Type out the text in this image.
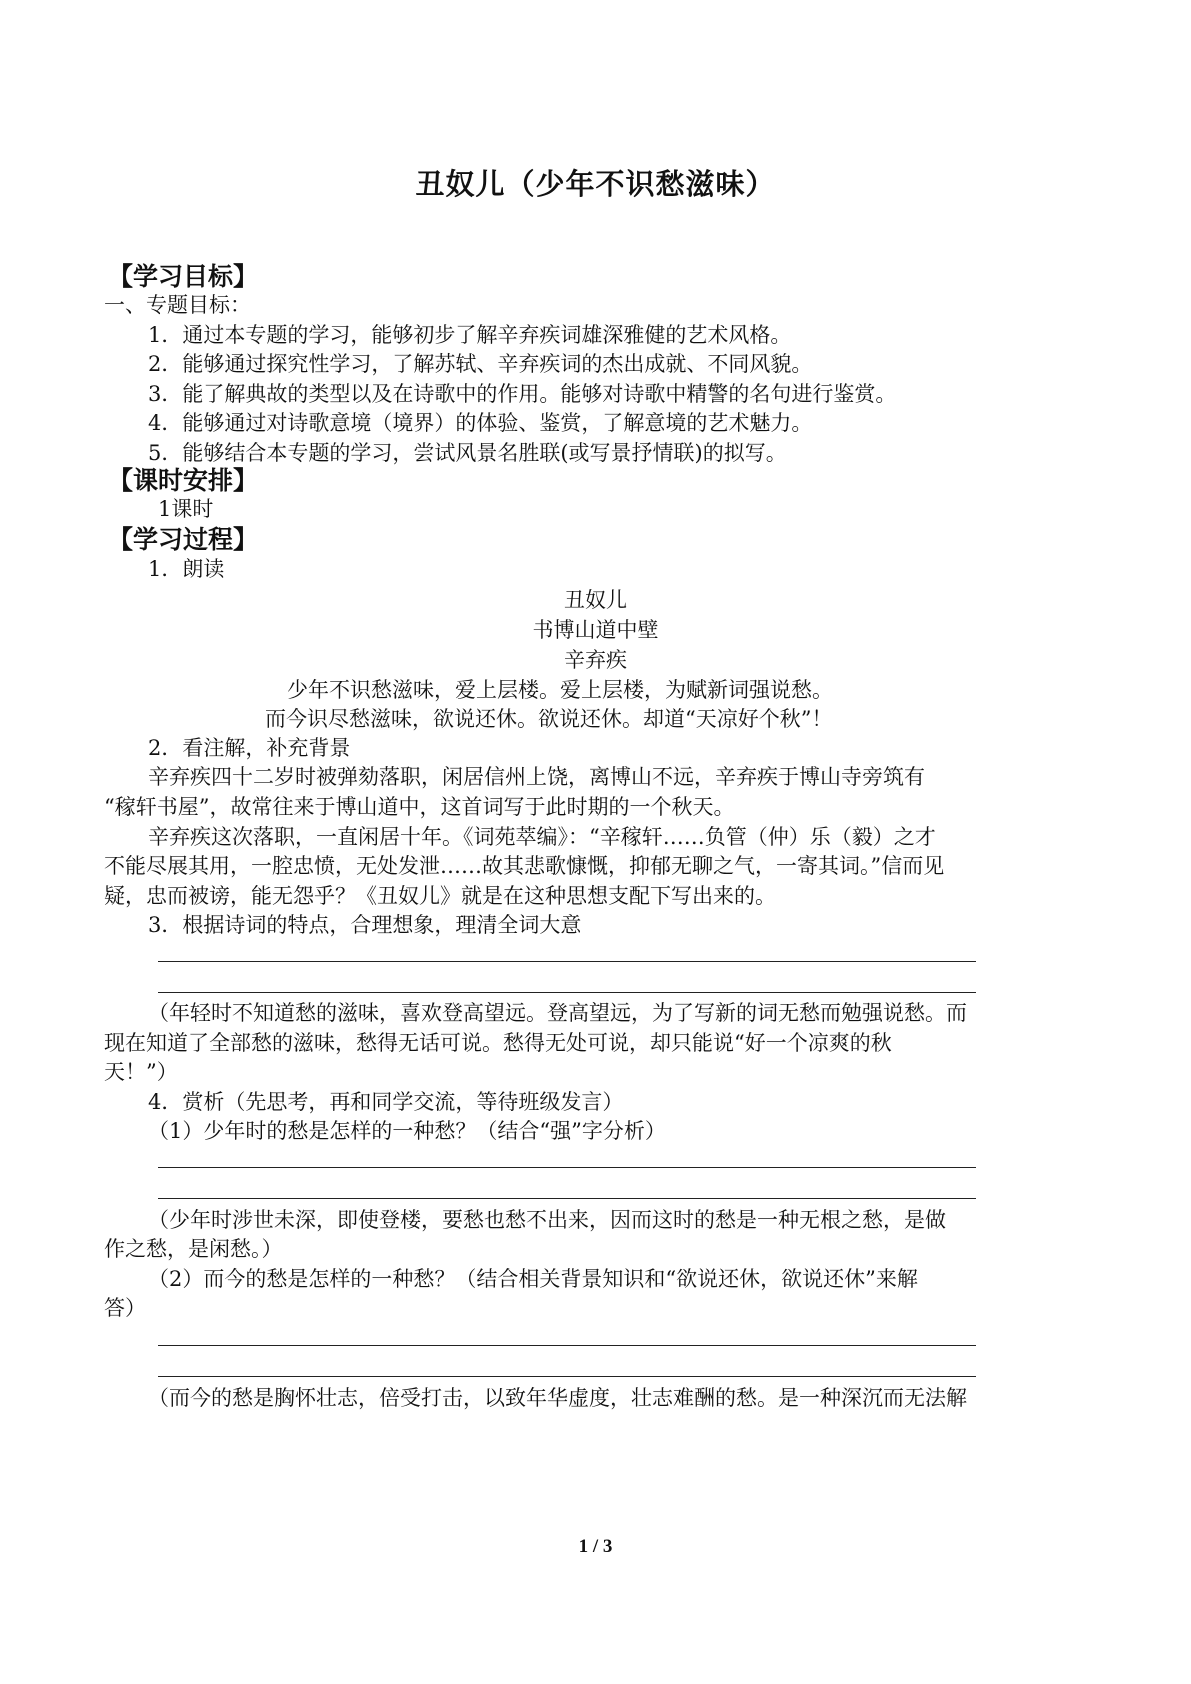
丑奴儿（少年不识愁滋味）
【学习目标】
一、专题目标：
1．通过本专题的学习，能够初步了解辛弃疾词雄深雅健的艺术风格。
2．能够通过探究性学习，了解苏轼、辛弃疾词的杰出成就、不同风貌。
3．能了解典故的类型以及在诗歌中的作用。能够对诗歌中精警的名句进行鉴赏。
4．能够通过对诗歌意境（境界）的体验、鉴赏，了解意境的艺术魅力。
5．能够结合本专题的学习，尝试风景名胜联(或写景抒情联)的拟写。
【课时安排】
1课时
【学习过程】
1．朗读
丑奴儿
书博山道中壁
辛弃疾
少年不识愁滋味，爱上层楼。爱上层楼，为赋新词强说愁。
而今识尽愁滋味，欲说还休。欲说还休。却道“天凉好个秋”！
2．看注解，补充背景
辛弃疾四十二岁时被弹劾落职，闲居信州上饶，离博山不远，辛弃疾于博山寺旁筑有
“稼轩书屋”，故常往来于博山道中，这首词写于此时期的一个秋天。
辛弃疾这次落职，一直闲居十年。《词苑萃编》：“辛稼轩……负管（仲）乐（毅）之才
不能尽展其用，一腔忠愤，无处发泄……故其悲歌慷慨，抑郁无聊之气，一寄其词。”信而见
疑，忠而被谤，能无怨乎？《丑奴儿》就是在这种思想支配下写出来的。
3．根据诗词的特点，合理想象，理清全词大意
（年轻时不知道愁的滋味，喜欢登高望远。登高望远，为了写新的词无愁而勉强说愁。而
现在知道了全部愁的滋味，愁得无话可说。愁得无处可说，却只能说“好一个凉爽的秋
天！”）
4．赏析（先思考，再和同学交流，等待班级发言）
（1）少年时的愁是怎样的一种愁？（结合“强”字分析）
（少年时涉世未深，即使登楼，要愁也愁不出来，因而这时的愁是一种无根之愁，是做
作之愁，是闲愁。）
（2）而今的愁是怎样的一种愁？（结合相关背景知识和“欲说还休，欲说还休”来解
答）
（而今的愁是胸怀壮志，倍受打击，以致年华虚度，壮志难酬的愁。是一种深沉而无法解
1 / 3
